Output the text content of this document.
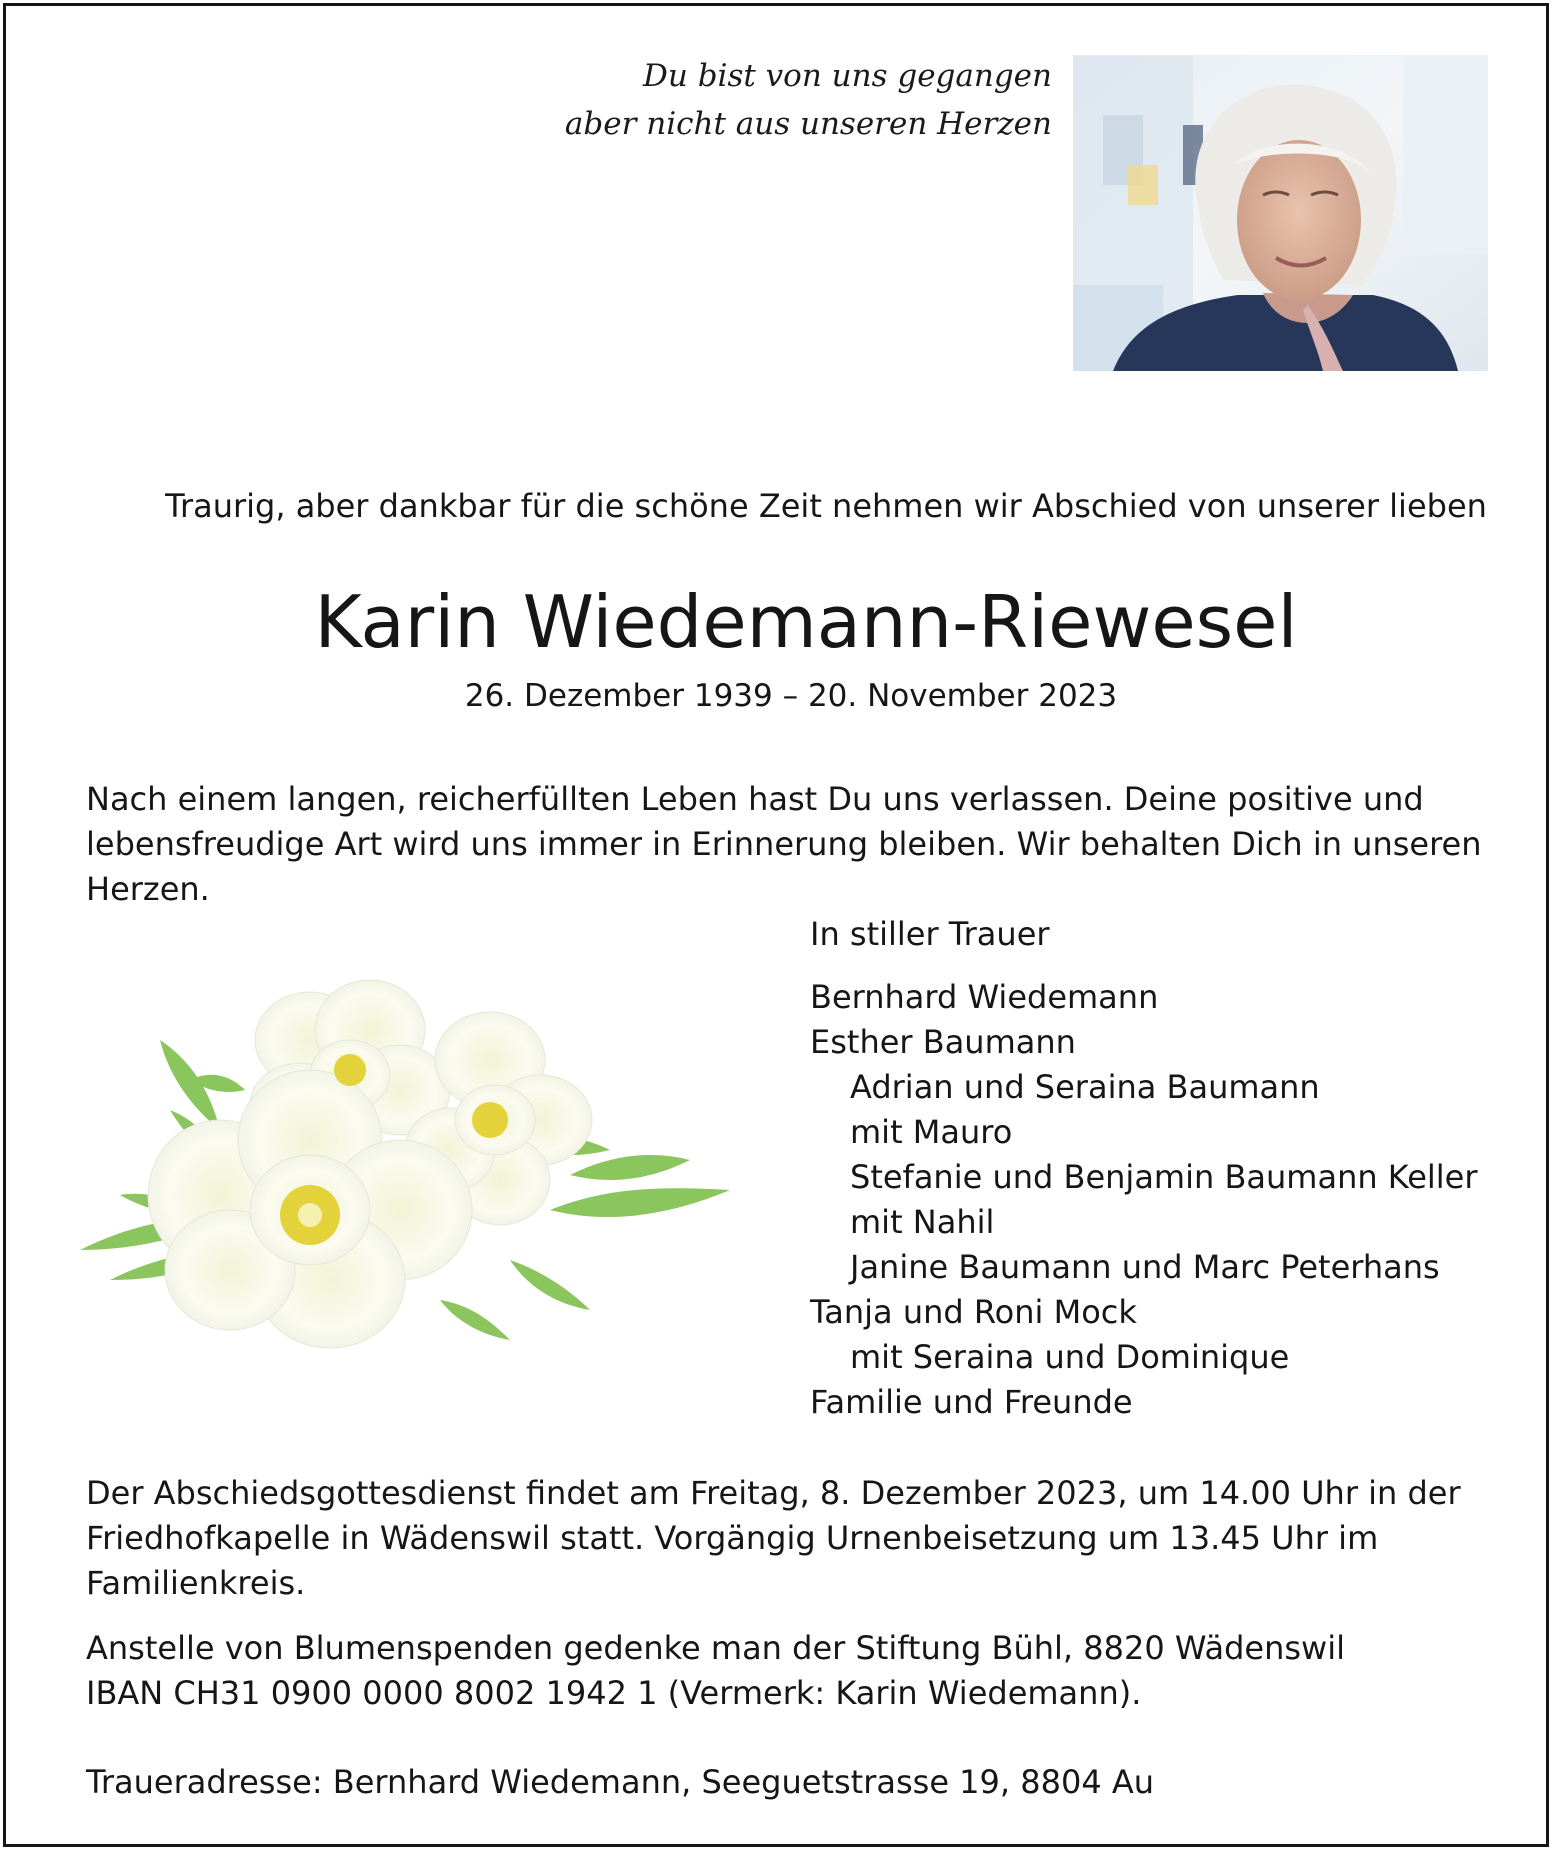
Du bist von uns gegangen
aber nicht aus unseren Herzen
Traurig, aber dankbar für die schöne Zeit nehmen wir Abschied von unserer lieben
Karin Wiedemann-Riewesel
26. Dezember 1939 – 20. November 2023
Nach einem langen, reicherfüllten Leben hast Du uns verlassen. Deine positive und
lebensfreudige Art wird uns immer in Erinnerung bleiben. Wir behalten Dich in unseren
Herzen.
In stiller Trauer
Bernhard Wiedemann
Esther Baumann
Adrian und Seraina Baumann
mit Mauro
Stefanie und Benjamin Baumann Keller
mit Nahil
Janine Baumann und Marc Peterhans
Tanja und Roni Mock
mit Seraina und Dominique
Familie und Freunde
Der Abschiedsgottesdienst findet am Freitag, 8. Dezember 2023, um 14.00 Uhr in der
Friedhofkapelle in Wädenswil statt. Vorgängig Urnenbeisetzung um 13.45 Uhr im
Familienkreis.
Anstelle von Blumenspenden gedenke man der Stiftung Bühl, 8820 Wädenswil
IBAN CH31 0900 0000 8002 1942 1 (Vermerk: Karin Wiedemann).
Traueradresse: Bernhard Wiedemann, Seeguetstrasse 19, 8804 Au
